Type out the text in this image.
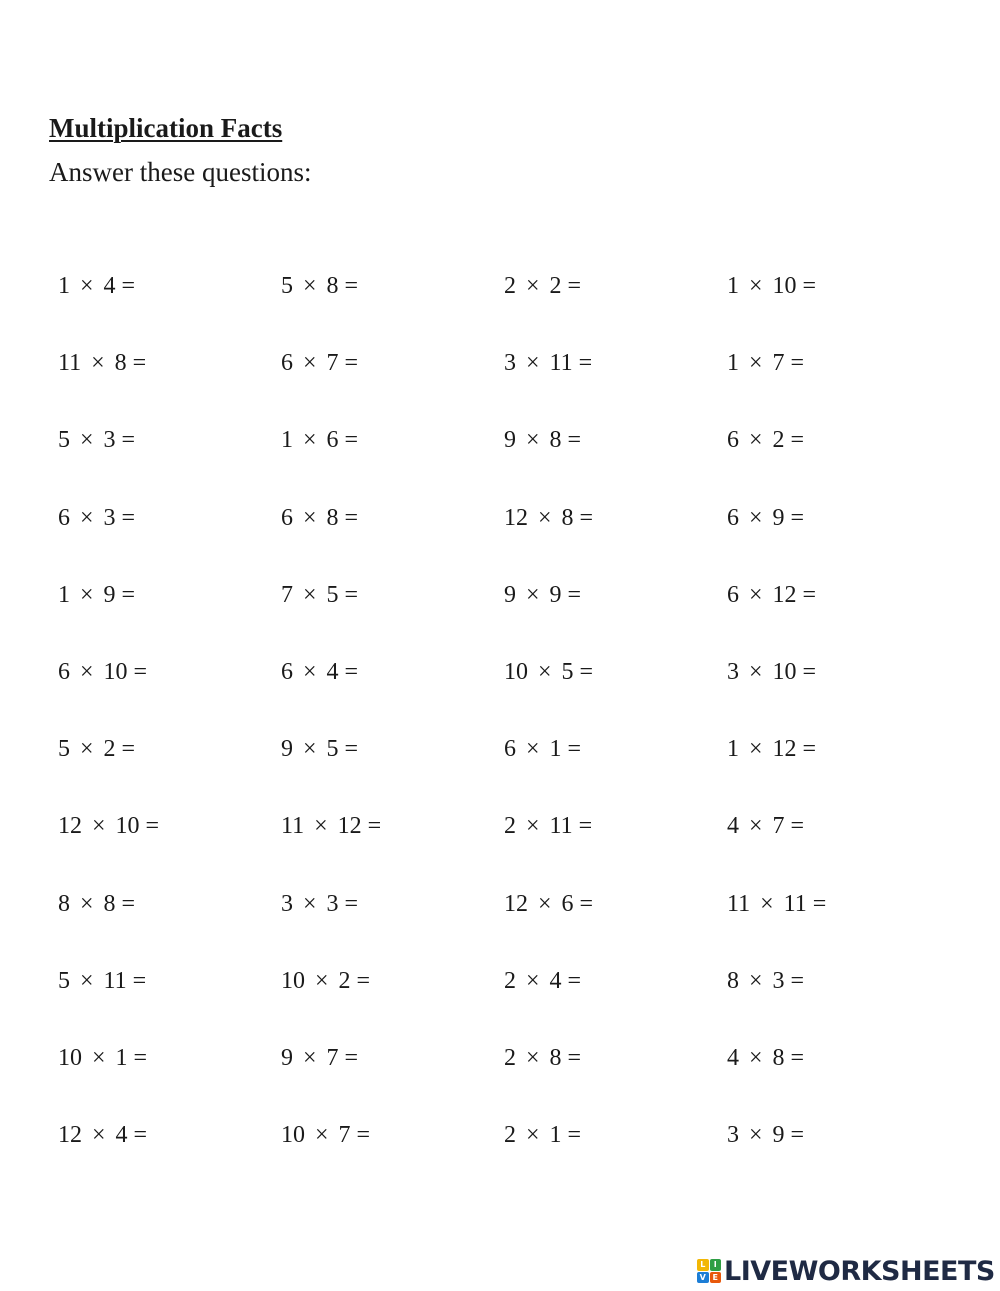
Multiplication Facts
Answer these questions:
1 × 4 =	5 × 8 =	2 × 2 =	1 × 10 =
11 × 8 =	6 × 7 =	3 × 11 =	1 × 7 =
5 × 3 =	1 × 6 =	9 × 8 =	6 × 2 =
6 × 3 =	6 × 8 =	12 × 8 =	6 × 9 =
1 × 9 =	7 × 5 =	9 × 9 =	6 × 12 =
6 × 10 =	6 × 4 =	10 × 5 =	3 × 10 =
5 × 2 =	9 × 5 =	6 × 1 =	1 × 12 =
12 × 10 =	11 × 12 =	2 × 11 =	4 × 7 =
8 × 8 =	3 × 3 =	12 × 6 =	11 × 11 =
5 × 11 =	10 × 2 =	2 × 4 =	8 × 3 =
10 × 1 =	9 × 7 =	2 × 8 =	4 × 8 =
12 × 4 =	10 × 7 =	2 × 1 =	3 × 9 =
L	I
V E LIVEWORKSHEETS
